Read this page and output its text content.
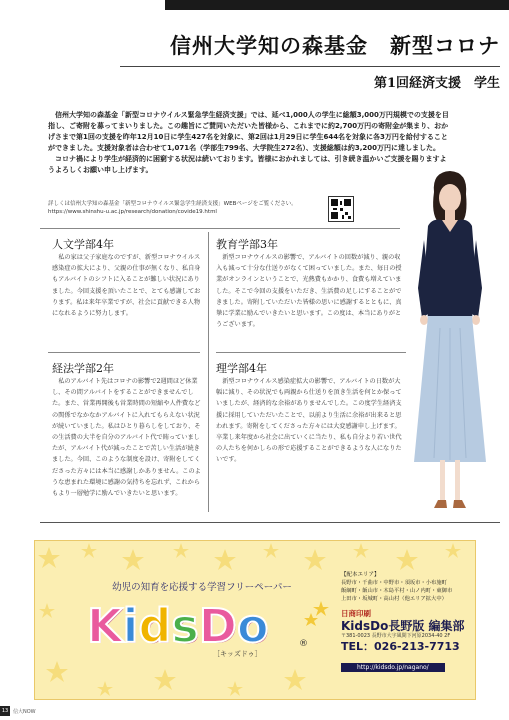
信州大学知の森基金　新型コロナ
第1回経済支援　学生

信州大学知の森基金「新型コロナウイルス緊急学生経済支援」では、延べ1,000人の学生に総額3,000万円規模での支援を目指し、ご寄附を募ってまいりました。この趣旨にご賛同いただいた皆様から、これまでに約2,700万円の寄附金が集まり、おかげさまで第1回の支援を昨年12月10日に学生427名を対象に、第2回は1月29日に学生644名を対象に各3万円を給付することができました。支援対象者は合わせて1,071名（学部生799名、大学院生272名）、支援総額は約3,200万円に達しました。

コロナ禍により学生が経済的に困窮する状況は続いております。皆様におかれましては、引き続き温かいご支援を賜りますようよろしくお願い申し上げます。

詳しくは信州大学知の森基金「新型コロナウイルス緊急学生経済支援」WEBページをご覧ください。
https://www.shinshu-u.ac.jp/research/donation/covide19.html
人文学部4年
私の家は父子家庭なのですが、新型コロナウイルス感染症の拡大により、父親の仕事が無くなり、私自身もアルバイトのシフトに入ることが難しい状況にありました。今回支援を頂いたことで、とても感謝しております。私は来年卒業ですが、社会に貢献できる人物になれるように努力します。
教育学部3年
新型コロナウイルスの影響で、アルバイトの回数が減り、親の収入も減って十分な仕送りがなくて困っていました。また、毎日の授業がオンラインということで、光熱費もかかり、食費も増えていました。そこで今回の支援をいただき、生活費の足しにすることができました。寄附していただいた皆様の思いに感謝するとともに、真摯に学業に励んでいきたいと思います。この度は、本当にありがとうございます。
経法学部2年
私のアルバイト先はコロナの影響で2週間ほど休業し、その間アルバイトをすることができませんでした。また、営業再開後も営業時間の短縮や人件費などの関係でなかなかアルバイトに入れてもらえない状況が続いていました。私はひとり暮らしをしており、その生活費の大半を自分のアルバイト代で賄っていましたが、アルバイト代が減ったことで苦しい生活が続きました。今回、このような制度を設け、寄附をしてくださった方々には本当に感謝しかありません。このような恵まれた環境に感謝の気持ちを忘れず、これからもより一層勉学に励んでいきたいと思います。
理学部4年
新型コロナウイルス感染症拡大の影響で、アルバイトの日数が大幅に減り、その状況でも両親から仕送りを頂き生活を何とか保っていましたが、経済的な余裕がありませんでした。この度学生経済支援に採用していただいたことで、以前より生活に余裕が出来ると思われます。寄附をしてくださった方々には大変感謝申し上げます。卒業し来年度から社会に出ていくに当たり、私も自分より若い世代の人たちを何かしらの形で応援することができるような人になりたいです。
幼児の知育を応援する学習フリーペーパー
K i d s D o
［キッズドゥ］
®
【配本エリア】
長野市・千曲市・中野市・須坂市・小布施町
飯綱町・飯山市・木島平村・山ノ内町・東御市
上田市・坂城町・高山村（他エリア拡大中）
日商印刷
KidsDo長野版 編集部
〒381-0023 長野市大字風間下河原2034-40 2F
TEL：026-213-7713
http://kidsdo.jp/nagano/
13 信大NOW
